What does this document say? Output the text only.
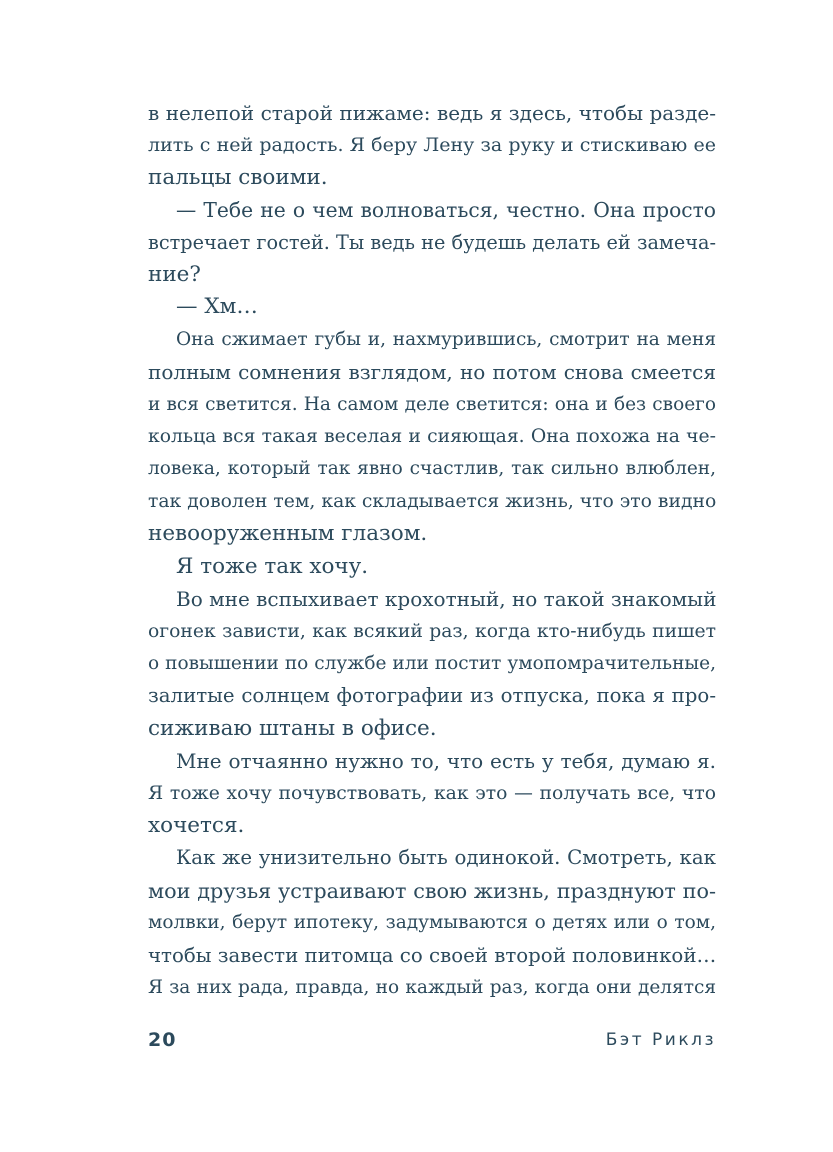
в нелепой старой пижаме: ведь я здесь, чтобы разде-
лить с ней радость. Я беру Лену за руку и стискиваю ее
пальцы своими.
— Тебе не о чем волноваться, честно. Она просто
встречает гостей. Ты ведь не будешь делать ей замеча-
ние?
— Хм…
Она сжимает губы и, нахмурившись, смотрит на меня
полным сомнения взглядом, но потом снова смеется
и вся светится. На самом деле светится: она и без своего
кольца вся такая веселая и сияющая. Она похожа на че-
ловека, который так явно счастлив, так сильно влюблен,
так доволен тем, как складывается жизнь, что это видно
невооруженным глазом.
Я тоже так хочу.
Во мне вспыхивает крохотный, но такой знакомый
огонек зависти, как всякий раз, когда кто-нибудь пишет
о повышении по службе или постит умопомрачительные,
залитые солнцем фотографии из отпуска, пока я про-
сиживаю штаны в офисе.
Мне отчаянно нужно то, что есть у тебя, думаю я.
Я тоже хочу почувствовать, как это — получать все, что
хочется.
Как же унизительно быть одинокой. Смотреть, как
мои друзья устраивают свою жизнь, празднуют по-
молвки, берут ипотеку, задумываются о детях или о том,
чтобы завести питомца со своей второй половинкой…
Я за них рада, правда, но каждый раз, когда они делятся
20	Бэт Риклз
